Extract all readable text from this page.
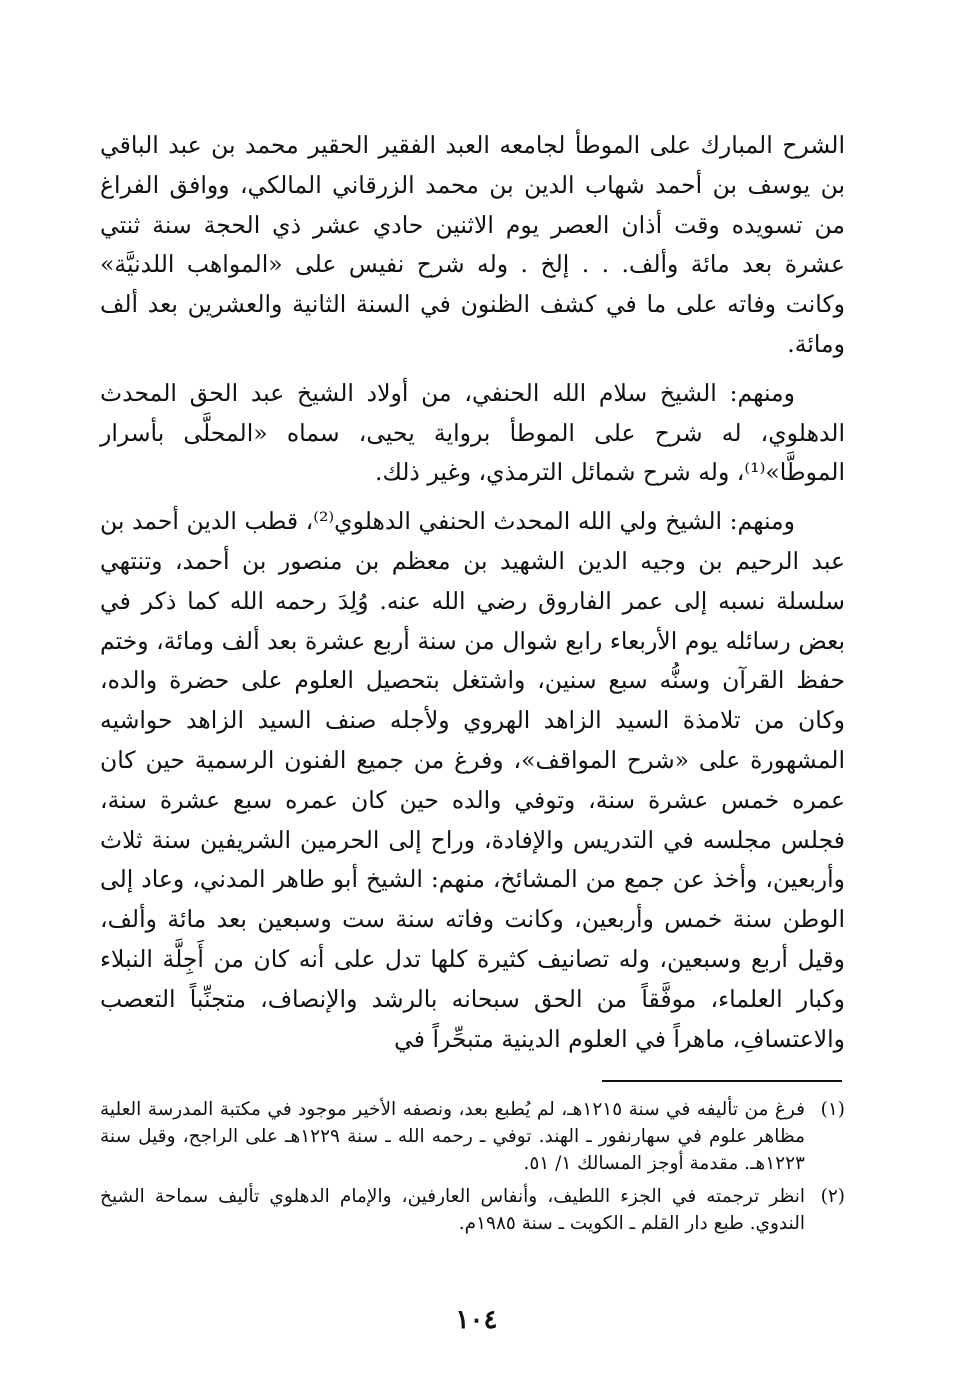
الشرح المبارك على الموطأ لجامعه العبد الفقير الحقير محمد بن عبد الباقي بن يوسف بن أحمد شهاب الدين بن محمد الزرقاني المالكي، ووافق الفراغ من تسويده وقت أذان العصر يوم الاثنين حادي عشر ذي الحجة سنة ثنتي عشرة بعد مائة وألف. . . إلخ . وله شرح نفيس على «المواهب اللدنيَّة» وكانت وفاته على ما في كشف الظنون في السنة الثانية والعشرين بعد ألف ومائة.

ومنهم: الشيخ سلام الله الحنفي، من أولاد الشيخ عبد الحق المحدث الدهلوي، له شرح على الموطأ برواية يحيى، سماه «المحلَّى بأسرار الموطَّا»⁽¹⁾، وله شرح شمائل الترمذي، وغير ذلك.

ومنهم: الشيخ ولي الله المحدث الحنفي الدهلوي⁽²⁾، قطب الدين أحمد بن عبد الرحيم بن وجيه الدين الشهيد بن معظم بن منصور بن أحمد، وتنتهي سلسلة نسبه إلى عمر الفاروق رضي الله عنه. وُلِدَ رحمه الله كما ذكر في بعض رسائله يوم الأربعاء رابع شوال من سنة أربع عشرة بعد ألف ومائة، وختم حفظ القرآن وسنُّه سبع سنين، واشتغل بتحصيل العلوم على حضرة والده، وكان من تلامذة السيد الزاهد الهروي ولأجله صنف السيد الزاهد حواشيه المشهورة على «شرح المواقف»، وفرغ من جميع الفنون الرسمية حين كان عمره خمس عشرة سنة، وتوفي والده حين كان عمره سبع عشرة سنة، فجلس مجلسه في التدريس والإفادة، وراح إلى الحرمين الشريفين سنة ثلاث وأربعين، وأخذ عن جمع من المشائخ، منهم: الشيخ أبو طاهر المدني، وعاد إلى الوطن سنة خمس وأربعين، وكانت وفاته سنة ست وسبعين بعد مائة وألف، وقيل أربع وسبعين، وله تصانيف كثيرة كلها تدل على أنه كان من أَجِلَّة النبلاء وكبار العلماء، موفَّقاً من الحق سبحانه بالرشد والإنصاف، متجنِّباً التعصب والاعتسافِ، ماهراً في العلوم الدينية متبحِّراً في

(١)
فرغ من تأليفه في سنة ١٢١٥هـ، لم يُطبع بعد، ونصفه الأخير موجود في مكتبة المدرسة العلية مظاهر علوم في سهارنفور ـ الهند. توفي ـ رحمه الله ـ سنة ١٢٢٩هـ على الراجح، وقيل سنة ١٢٢٣هـ. مقدمة أوجز المسالك ١/ ٥١.
(٢)
انظر ترجمته في الجزء اللطيف، وأنفاس العارفين، والإمام الدهلوي تأليف سماحة الشيخ الندوي. طبع دار القلم ـ الكويت ـ سنة ١٩٨٥م.
١٠٤
